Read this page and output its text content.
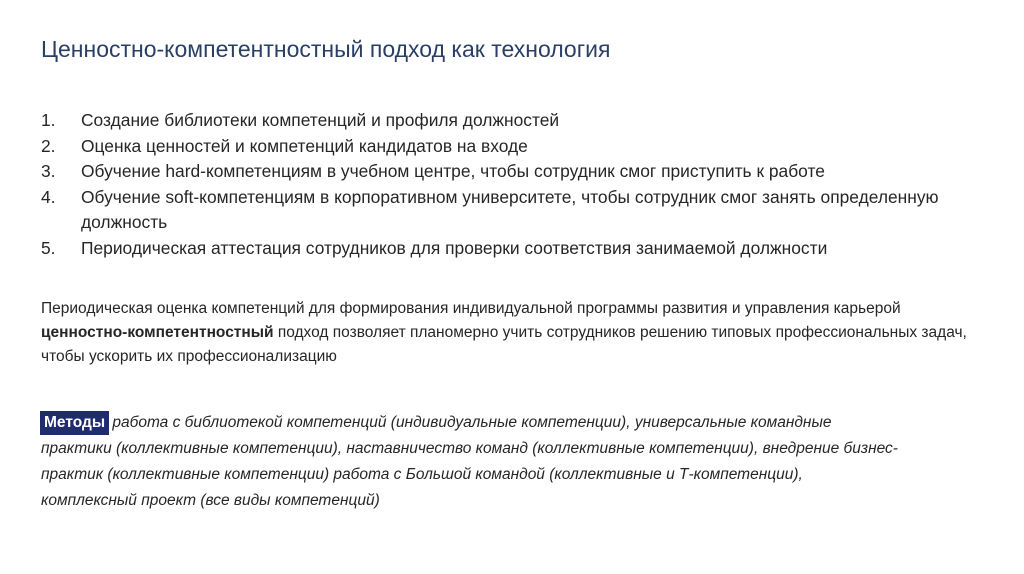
Ценностно-компетентностный подход как технология
1.	Создание библиотеки компетенций и профиля должностей
2.	Оценка ценностей и компетенций кандидатов на входе
3.	Обучение hard-компетенциям в учебном центре, чтобы сотрудник смог приступить к работе
4.	Обучение soft-компетенциям в корпоративном университете, чтобы сотрудник смог занять определенную должность
5.	Периодическая аттестация сотрудников для проверки соответствия занимаемой должности
Периодическая оценка компетенций для формирования индивидуальной программы развития и управления карьерой ценностно-компетентностный подход позволяет планомерно учить сотрудников решению типовых профессиональных задач, чтобы ускорить их профессионализацию
Методы работа с библиотекой компетенций (индивидуальные компетенции), универсальные командные практики (коллективные компетенции), наставничество команд (коллективные компетенции), внедрение бизнес-практик (коллективные компетенции) работа с Большой командой (коллективные и Т-компетенции), комплексный проект (все виды компетенций)
